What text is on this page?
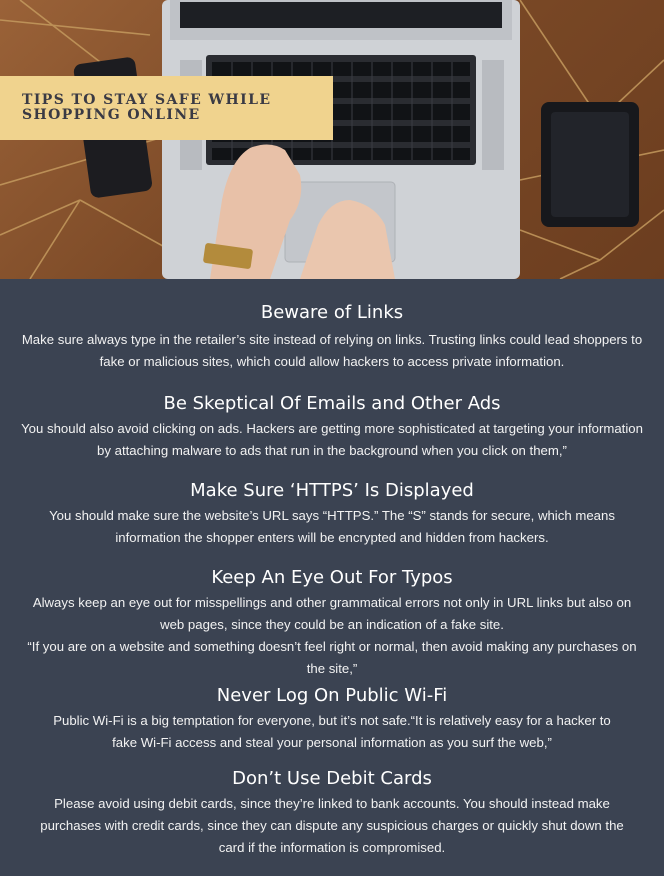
TIPS TO STAY SAFE WHILE SHOPPING ONLINE
Beware of Links

Make sure always type in the retailer’s site instead of relying on links. Trusting links could lead shoppers to fake or malicious sites, which could allow hackers to access private information.

Be Skeptical Of Emails and Other Ads

You should also avoid clicking on ads. Hackers are getting more sophisticated at targeting your information by attaching malware to ads that run in the background when you click on them,”

Make Sure ‘HTTPS’ Is Displayed

You should make sure the website’s URL says “HTTPS.” The “S” stands for secure, which means information the shopper enters will be encrypted and hidden from hackers.

Keep An Eye Out For Typos

Always keep an eye out for misspellings and other grammatical errors not only in URL links but also on web pages, since they could be an indication of a fake site.

“If you are on a website and something doesn’t feel right or normal, then avoid making any purchases on the site,”

Never Log On Public Wi-Fi

Public Wi-Fi is a big temptation for everyone, but it’s not safe.“It is relatively easy for a hacker to fake Wi-Fi access and steal your personal information as you surf the web,”

Don’t Use Debit Cards

Please avoid using debit cards, since they’re linked to bank accounts. You should instead make purchases with credit cards, since they can dispute any suspicious charges or quickly shut down the card if the information is compromised.
